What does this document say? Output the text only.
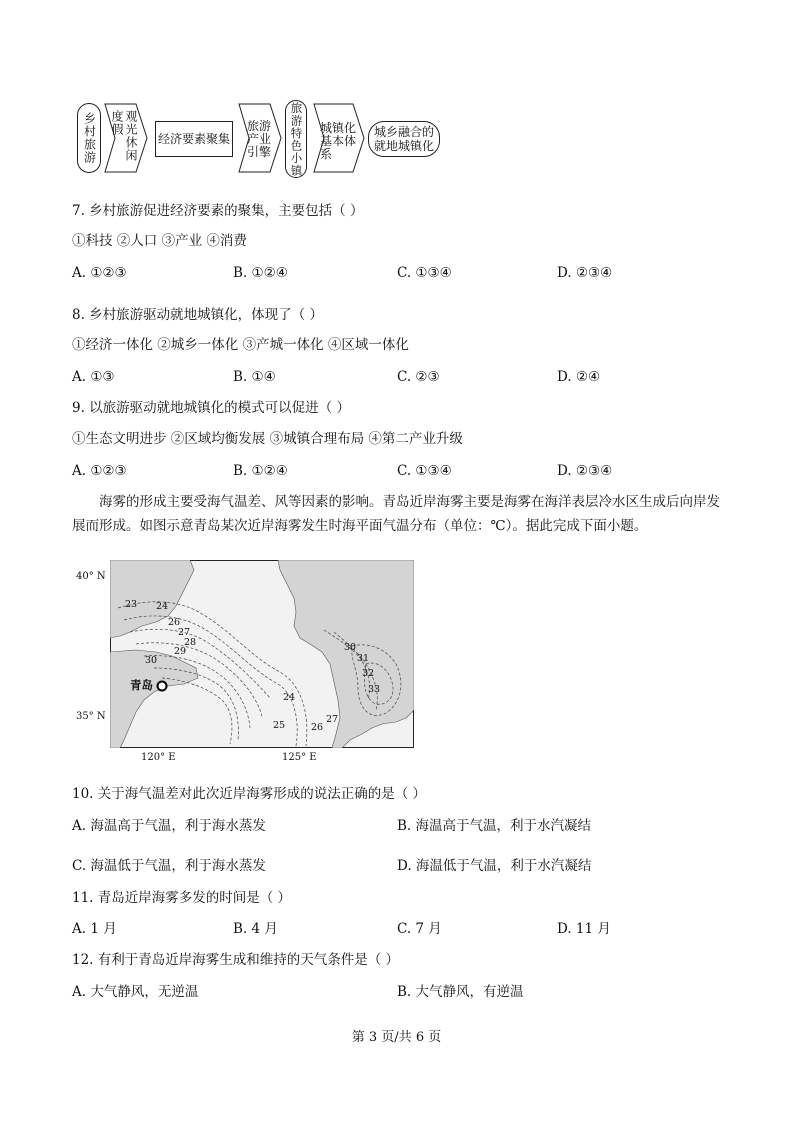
乡村旅游	观光休闲度假
经济要素聚集
旅游产业引擎 旅游特色小镇 城镇化基本体系
城乡融合的就地城镇化
7. 乡村旅游促进经济要素的聚集，主要包括（ ）
①科技 ②人口 ③产业 ④消费
A. ①②③	B. ①②④	C. ①③④	D. ②③④
8. 乡村旅游驱动就地城镇化，体现了（ ）
①经济一体化 ②城乡一体化 ③产城一体化 ④区域一体化
A. ①③	B. ①④	C. ②③	D. ②④
9. 以旅游驱动就地城镇化的模式可以促进（ ）
①生态文明进步 ②区域均衡发展 ③城镇合理布局 ④第二产业升级
A. ①②③	B. ①②④	C. ①③④	D. ②③④
海雾的形成主要受海气温差、风等因素的影响。青岛近岸海雾主要是海雾在海洋表层冷水区生成后向岸发展而形成。如图示意青岛某次近岸海雾发生时海平面气温分布（单位：℃）。据此完成下面小题。
40° N
35° N
120° E	125° E
23 24
26
27
28
29
30
24
25	26
27
30
31
32
33
青岛
10. 关于海气温差对此次近岸海雾形成的说法正确的是（ ）
A. 海温高于气温，利于海水蒸发	B. 海温高于气温，利于水汽凝结
C. 海温低于气温，利于海水蒸发	D. 海温低于气温，利于水汽凝结
11. 青岛近岸海雾多发的时间是（ ）
A. 1 月	B. 4 月	C. 7 月	D. 11 月
12. 有利于青岛近岸海雾生成和维持的天气条件是（ ）
A. 大气静风，无逆温	B. 大气静风，有逆温
第 3 页/共 6 页
